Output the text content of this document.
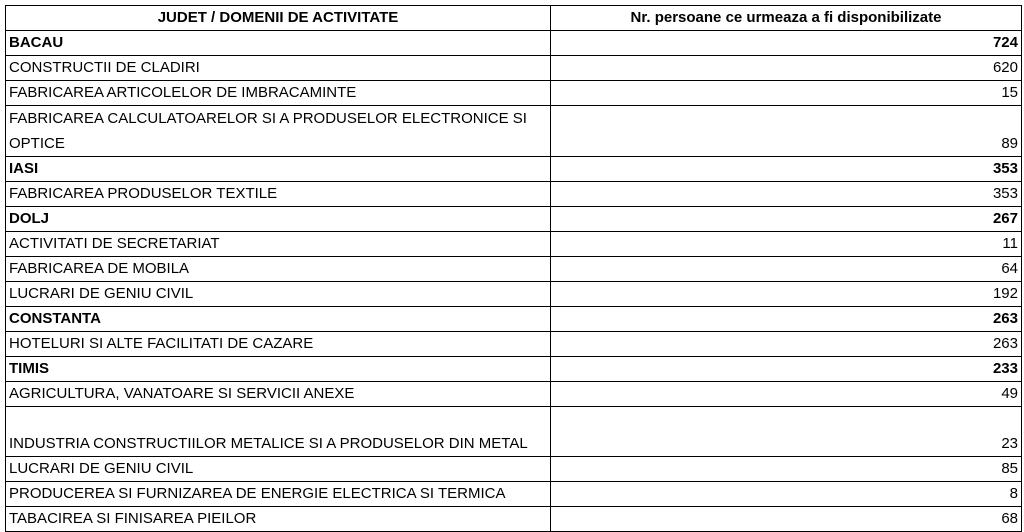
JUDET / DOMENII DE ACTIVITATE	Nr. persoane ce urmeaza a fi disponibilizate
BACAU	724
CONSTRUCTII DE CLADIRI	620
FABRICAREA ARTICOLELOR DE IMBRACAMINTE	15
FABRICAREA CALCULATOARELOR SI A PRODUSELOR ELECTRONICE SI OPTICE	89
IASI	353
FABRICAREA PRODUSELOR TEXTILE	353
DOLJ	267
ACTIVITATI DE SECRETARIAT	11
FABRICAREA DE MOBILA	64
LUCRARI DE GENIU CIVIL	192
CONSTANTA	263
HOTELURI SI ALTE FACILITATI DE CAZARE	263
TIMIS	233
AGRICULTURA, VANATOARE SI SERVICII ANEXE	49
INDUSTRIA CONSTRUCTIILOR METALICE SI A PRODUSELOR DIN METAL	23
LUCRARI DE GENIU CIVIL	85
PRODUCEREA SI FURNIZAREA DE ENERGIE ELECTRICA SI TERMICA	8
TABACIREA SI FINISAREA PIEILOR	68
